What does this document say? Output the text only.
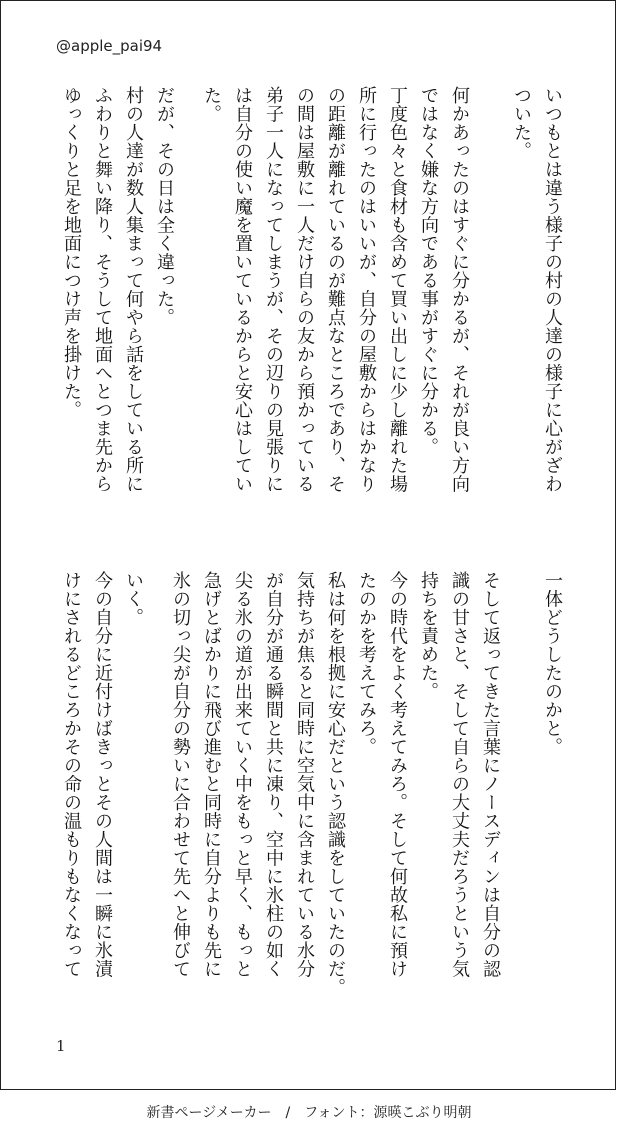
@apple_pai94
いつもとは違う様子の村の人達の様子に心がざわ
ついた。
何かあったのはすぐに分かるが、それが良い方向
ではなく嫌な方向である事がすぐに分かる。
丁度色々と食材も含めて買い出しに少し離れた場
所に行ったのはいいが、自分の屋敷からはかなり
の距離が離れているのが難点なところであり、そ
の間は屋敷に一人だけ自らの友から預かっている
弟子一人になってしまうが、その辺りの見張りに
は自分の使い魔を置いているからと安心はしてい
た。
だが、その日は全く違った。
村の人達が数人集まって何やら話をしている所に
ふわりと舞い降り、そうして地面へとつま先から
ゆっくりと足を地面につけ声を掛けた。
一体どうしたのかと。
そして返ってきた言葉にノースディンは自分の認
識の甘さと、そして自らの大丈夫だろうという気
持ちを責めた。
今の時代をよく考えてみろ。そして何故私に預け
たのかを考えてみろ。
私は何を根拠に安心だという認識をしていたのだ。
気持ちが焦ると同時に空気中に含まれている水分
が自分が通る瞬間と共に凍り、空中に氷柱の如く
尖る氷の道が出来ていく中をもっと早く、もっと
急げとばかりに飛び進むと同時に自分よりも先に
氷の切っ尖が自分の勢いに合わせて先へと伸びて
いく。
今の自分に近付けばきっとその人間は一瞬に氷漬
けにされるどころかその命の温もりもなくなって
1
新書ページメーカー　/　フォント：源暎こぶり明朝
